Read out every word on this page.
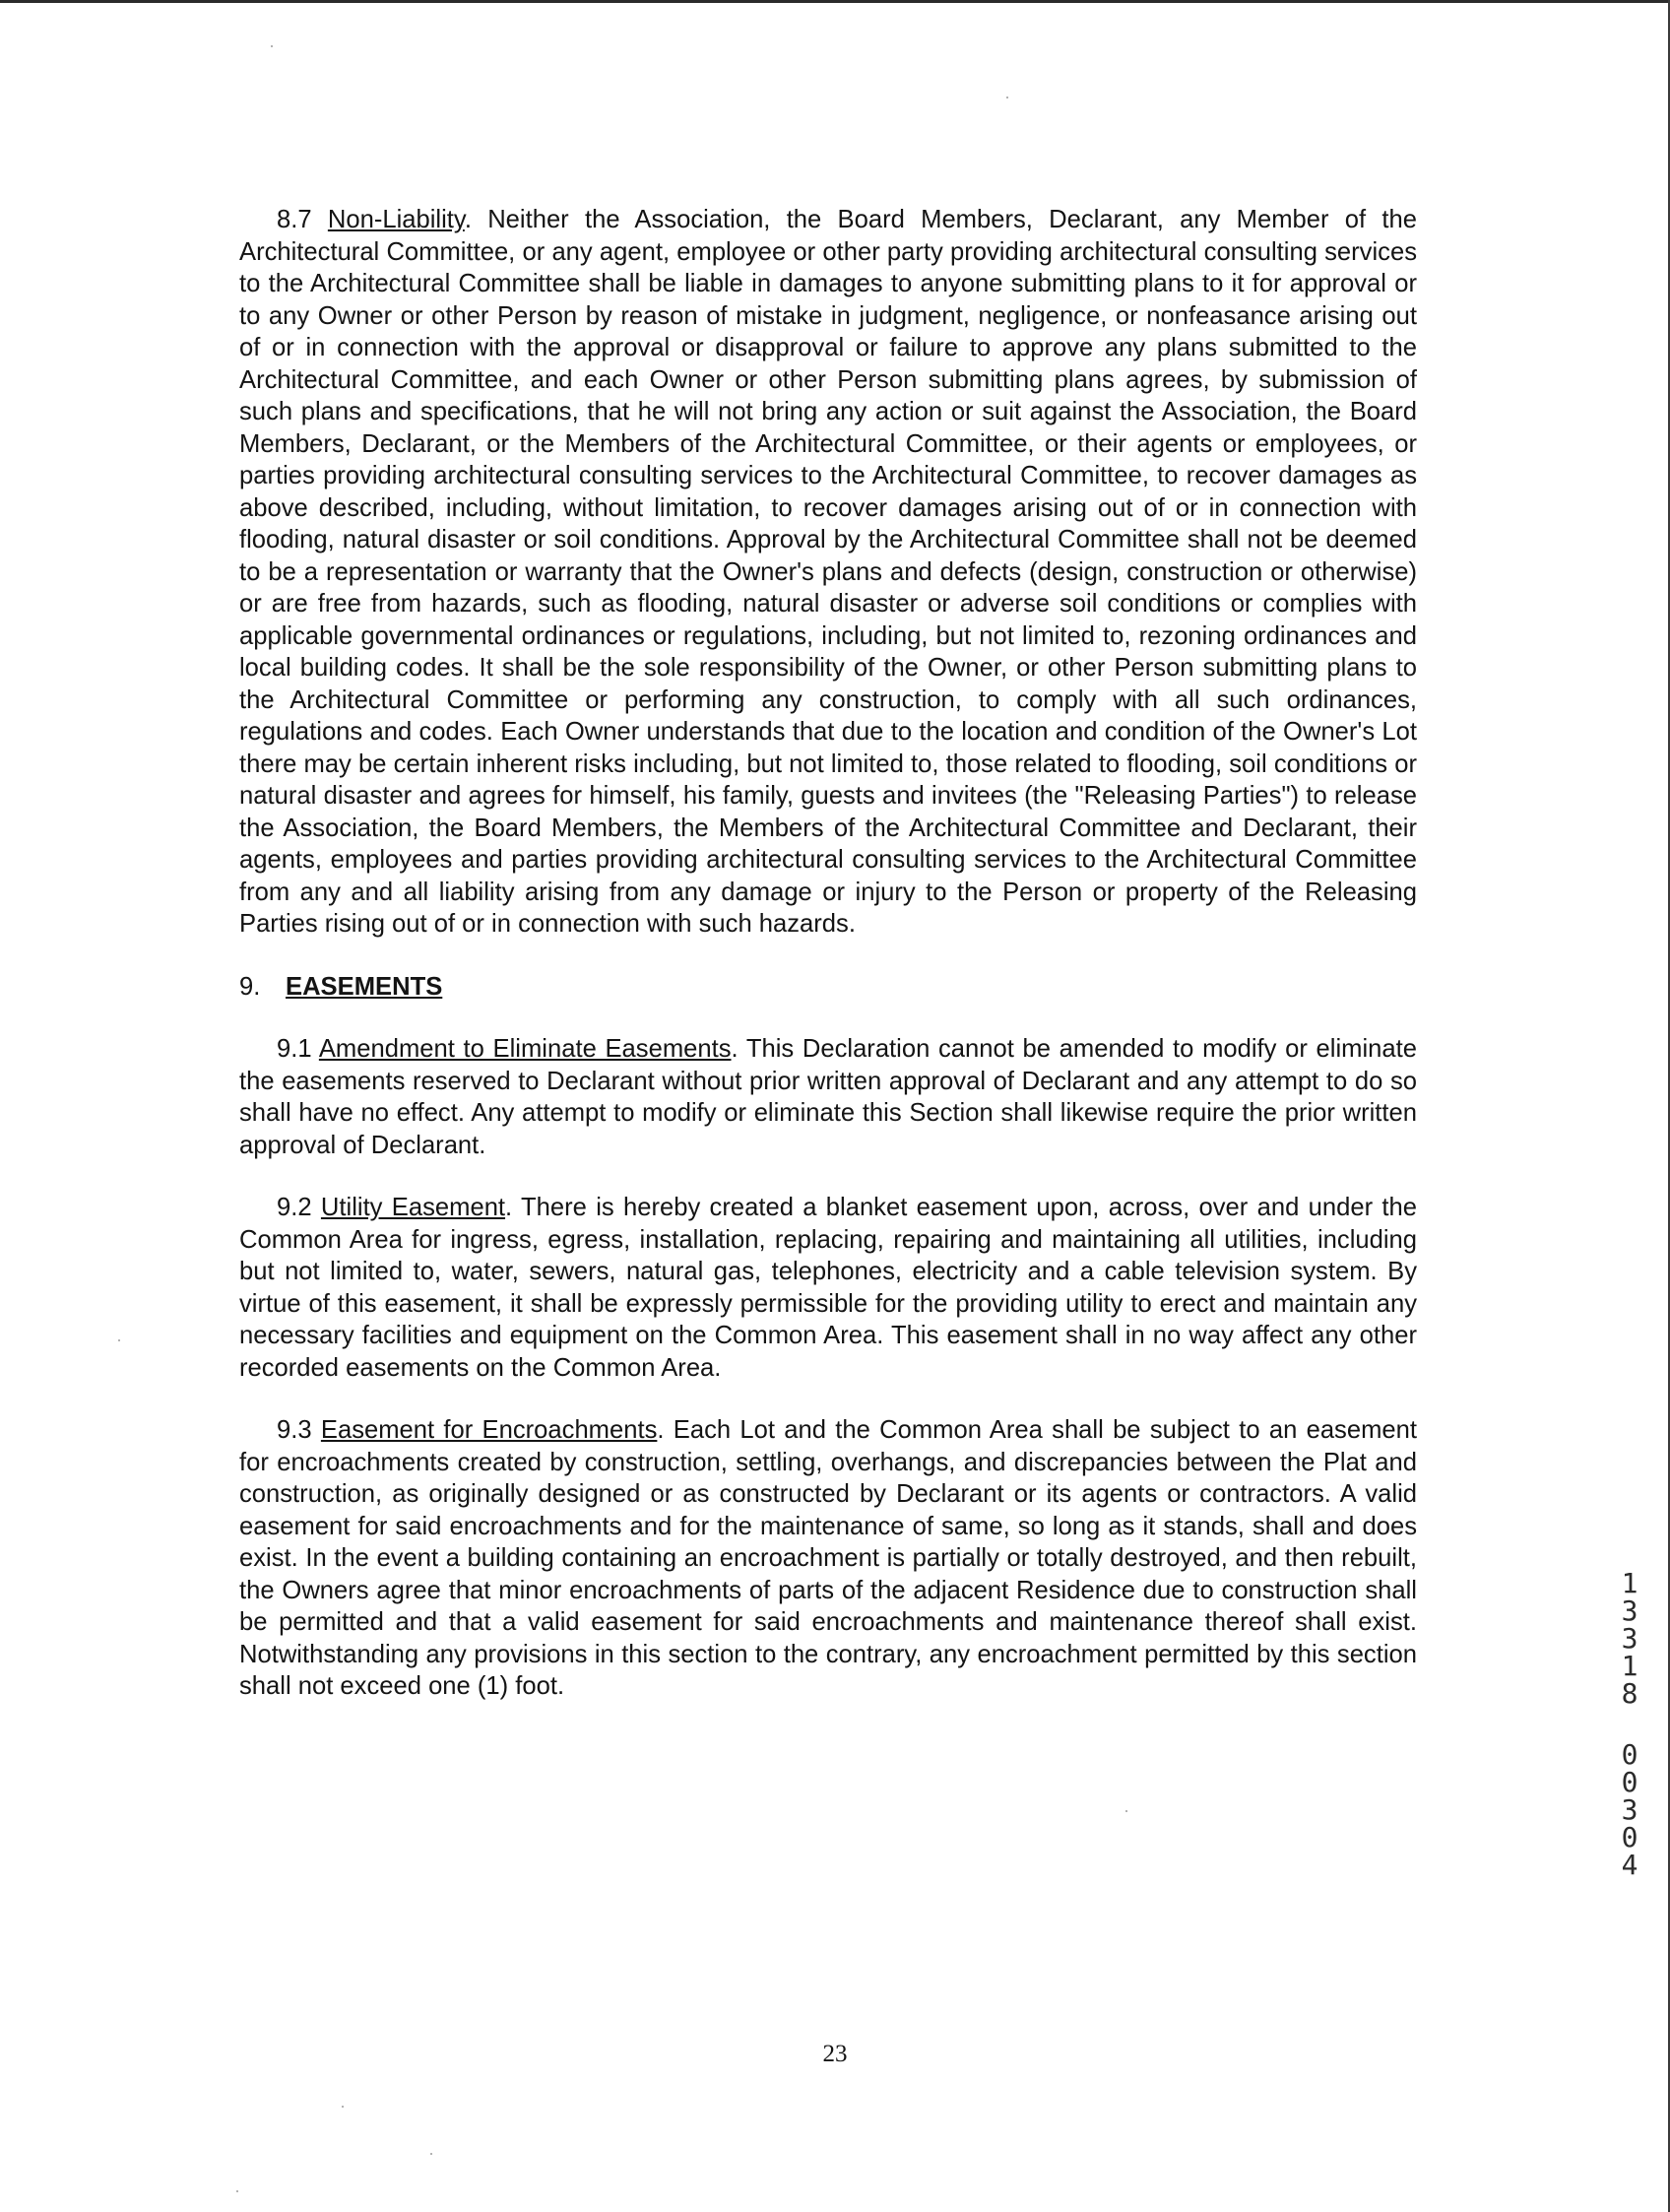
8.7 Non-Liability. Neither the Association, the Board Members, Declarant, any Member of the Architectural Committee, or any agent, employee or other party providing architectural consulting services to the Architectural Committee shall be liable in damages to anyone submitting plans to it for approval or to any Owner or other Person by reason of mistake in judgment, negligence, or nonfeasance arising out of or in connection with the approval or disapproval or failure to approve any plans submitted to the Architectural Committee, and each Owner or other Person submitting plans agrees, by submission of such plans and specifications, that he will not bring any action or suit against the Association, the Board Members, Declarant, or the Members of the Architectural Committee, or their agents or employees, or parties providing architectural consulting services to the Architectural Committee, to recover damages as above described, including, without limitation, to recover damages arising out of or in connection with flooding, natural disaster or soil conditions. Approval by the Architectural Committee shall not be deemed to be a representation or warranty that the Owner's plans and defects (design, construction or otherwise) or are free from hazards, such as flooding, natural disaster or adverse soil conditions or complies with applicable governmental ordinances or regulations, including, but not limited to, rezoning ordinances and local building codes. It shall be the sole responsibility of the Owner, or other Person submitting plans to the Architectural Committee or performing any construction, to comply with all such ordinances, regulations and codes. Each Owner understands that due to the location and condition of the Owner's Lot there may be certain inherent risks including, but not limited to, those related to flooding, soil conditions or natural disaster and agrees for himself, his family, guests and invitees (the "Releasing Parties") to release the Association, the Board Members, the Members of the Architectural Committee and Declarant, their agents, employees and parties providing architectural consulting services to the Architectural Committee from any and all liability arising from any damage or injury to the Person or property of the Releasing Parties rising out of or in connection with such hazards.

9.	EASEMENTS

9.1 Amendment to Eliminate Easements. This Declaration cannot be amended to modify or eliminate the easements reserved to Declarant without prior written approval of Declarant and any attempt to do so shall have no effect. Any attempt to modify or eliminate this Section shall likewise require the prior written approval of Declarant.

9.2 Utility Easement. There is hereby created a blanket easement upon, across, over and under the Common Area for ingress, egress, installation, replacing, repairing and maintaining all utilities, including but not limited to, water, sewers, natural gas, telephones, electricity and a cable television system. By virtue of this easement, it shall be expressly permissible for the providing utility to erect and maintain any necessary facilities and equipment on the Common Area. This easement shall in no way affect any other recorded easements on the Common Area.

9.3 Easement for Encroachments. Each Lot and the Common Area shall be subject to an easement for encroachments created by construction, settling, overhangs, and discrepancies between the Plat and construction, as originally designed or as constructed by Declarant or its agents or contractors. A valid easement for said encroachments and for the maintenance of same, so long as it stands, shall and does exist. In the event a building containing an encroachment is partially or totally destroyed, and then rebuilt, the Owners agree that minor encroachments of parts of the adjacent Residence due to construction shall be permitted and that a valid easement for said encroachments and maintenance thereof shall exist. Notwithstanding any provisions in this section to the contrary, any encroachment permitted by this section shall not exceed one (1) foot.

1
3
3
1
8
0
0
3
0
4
23
